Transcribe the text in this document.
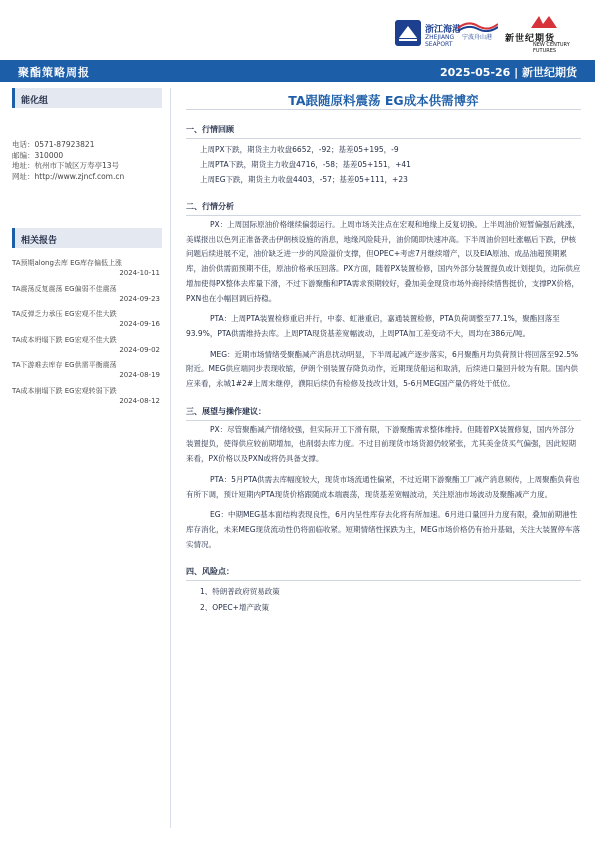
浙江海港
ZHEJIANG SEAPORT
宁波舟山港 新世纪期货
NEW CENTURY FUTURES
聚酯策略周报	2025-05-26 | 新世纪期货
能化组
电话：0571-87923821
邮编：310000
地址：杭州市下城区万寿亭13号
网址：http://www.zjncf.com.cn
相关报告
TA预期along去库 EG库存偏低上涨
2024-10-11
TA震荡反复震荡 EG偏弱不佳震荡
2024-09-23
TA反弹乏力承压 EG宏观不佳大跌
2024-09-16
TA成本坍塌下跌 EG宏观不佳大跌
2024-09-02
TA下游难去库存 EG供需平衡震荡
2024-08-19
TA成本崩塌下跌 EG宏观转弱下跌
2024-08-12
TA跟随原料震荡 EG成本供需博弈
一、行情回顾
上周PX下跌，期货主力收盘6652，-92；基差05+195，-9
上周PTA下跌，期货主力收盘4716，-58；基差05+151，+41
上周EG下跌，期货主力收盘4403，-57；基差05+111，+23
二、行情分析

PX：上周国际原油价格继续偏弱运行。上周市场关注点在宏观和地缘上反复切换。上半周油价短暂偏强后跳涨，美媒报出以色列正准备袭击伊朗核设施的消息，地缘风险陡升，油价随即快速冲高。下半周油价回吐涨幅后下跌，伊核问题后续进展不定，油价缺乏进一步的风险溢价支撑，但OPEC+考虑7月继续增产，以及EIA原油、成品油超预期累库，油价供需面预期不佳，原油价格承压回落。PX方面，随着PX装置检修，国内外部分装置提负或计划提负，边际供应增加使得PX整体去库量下滑，不过下游聚酯和PTA需求预期较好，叠加美金现货市场外商持续惜售挺价，支撑PX价格，PXN也在小幅回调后持稳。

PTA：上周PTA装置检修重启并行，中泰、虹港重启，嘉通装置检修，PTA负荷调整至77.1%，聚酯回落至93.9%，PTA供需维持去库。上周PTA现货基差宽幅波动，上周PTA加工差变动不大，周均在386元/吨。

MEG：近期市场情绪受聚酯减产消息扰动明显，下半周起减产逐步落实，6月聚酯月均负荷预计将回落至92.5%附近。MEG供应端同步表现收缩，伊朗个别装置存降负动作，近期现货船运和取消，后续进口量回升较为有限。国内供应来看，永城1#2#上周末继停，濮阳后续仍有检修及技改计划，5-6月MEG国产量仍将处于低位。

三、展望与操作建议：

PX：尽管聚酯减产情绪较强，但实际开工下滑有限，下游聚酯需求整体维持。但随着PX装置修复，国内外部分装置提负，使得供应较前期增加，也削弱去库力度。不过目前现货市场货源仍较紧张，尤其美金货买气偏强，因此短期来看，PX价格以及PXN或将仍具备支撑。

PTA：5月PTA供需去库幅度较大，现货市场流通性偏紧，不过近期下游聚酯工厂减产消息频传，上周聚酯负荷也有所下调，预计短期内PTA现货价格跟随成本端震荡，现货基差宽幅波动，关注原油市场波动及聚酯减产力度。

EG：中期MEG基本面结构表现良性，6月内呈性库存去化将有所加速。6月进口量回升力度有限，叠加前期港性库存消化，未来MEG现货流动性仍将面临收紧。短期情绪性探跌为主，MEG市场价格仍有抬升基础，关注大装置停车落实情况。

四、风险点：
1、特朗普政府贸易政策
2、OPEC+增产政策
